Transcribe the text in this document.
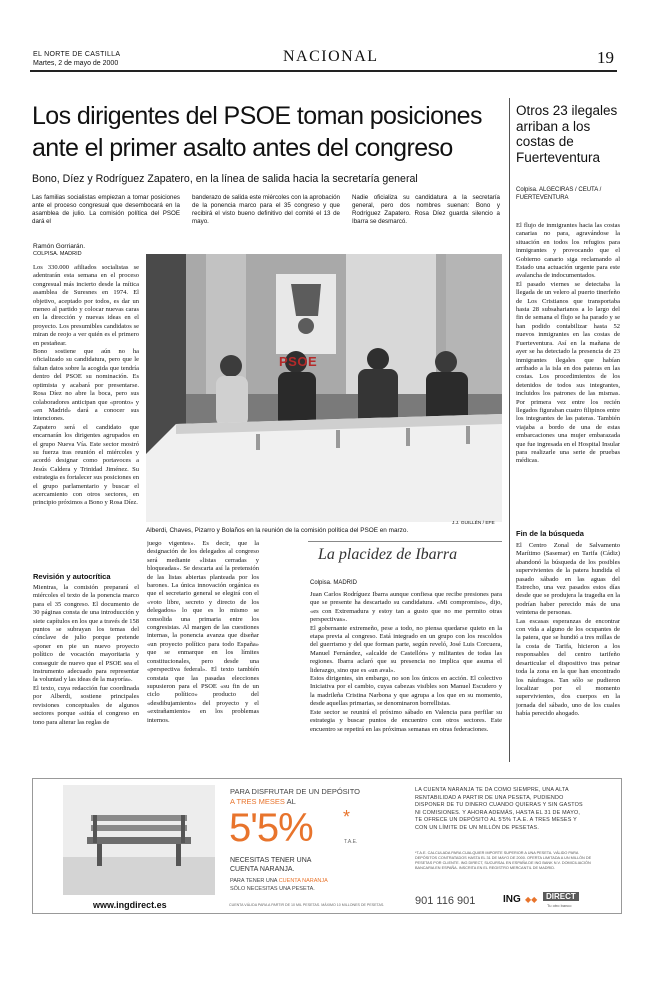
EL NORTE DE CASTILLA
Martes, 2 de mayo de 2000	NACIONAL	19
Los dirigentes del PSOE toman posiciones
ante el primer asalto antes del congreso
Bono, Díez y Rodríguez Zapatero, en la línea de salida hacia la secretaría general
Las familias socialistas empiezan a tomar posiciones ante el proceso congresual que desembocará en la asamblea de julio. La comisión política del PSOE dará el
banderazo de salida este miércoles con la aprobación de la ponencia marco para el 35 congreso y que recibirá el visto bueno definitivo del comité el 13 de mayo.
Nadie oficializa su candidatura a la secretaría general, pero dos nombres suenan: Bono y Rodríguez Zapatero. Rosa Díez guarda silencio a Ibarra se desmarcó.
Ramón Gorriarán.
COLPISA. MADRID
Los 330.000 afiliados socialistas se adentrarán esta semana en el proceso congresual más incierto desde la mítica asamblea de Suresnes en 1974. El objetivo, aceptado por todos, es dar un meneo al partido y colocar nuevas caras en la dirección y nuevas ideas en el proyecto. Los presumibles candidatos se miran de reojo a ver quién es el primero en pestañear.
Bono sostiene que aún no ha oficializado su candidatura, pero que le faltan datos sobre la acogida que tendría dentro del PSOE su nominación. Es optimista y acabará por presentarse. Rosa Díez no abre la boca, pero sus colaboradores anticipan que «pronto» y «en Madrid» dará a conocer sus intenciones.
Zapatero será el candidato que encarnarán los dirigentes agrupados en el grupo Nueva Vía. Este sector mostró su fuerza tras reunión el miércoles y acordó designar como portavoces a Jesús Caldera y Trinidad Jiménez. Su estrategia es fortalecer sus posiciones en el grupo parlamentario y buscar el acercamiento con otros sectores, en principio próximos a Bono y Rosa Díez.
Revisión y autocrítica
Mientras, la comisión preparará el miércoles el texto de la ponencia marco para el 35 congreso. El documento de 30 páginas consta de una introducción y siete capítulos en los que a través de 158 puntos se subrayan los temas del cónclave de julio porque pretende «poner en pie un nuevo proyecto político de vocación mayoritaria y conseguir de nuevo que el PSOE sea el instrumento adecuado para representar la voluntad y las ideas de la mayoría».
El texto, cuya redacción fue coordinada por Alberdi, sostiene principales revisiones conceptuales de algunos sectores porque «sitúa el congreso en tono para alterar las reglas de
PSOE
Alberdi, Chaves, Pizarro y Bolaños en la reunión de la comisión política del PSOE en marzo.
J.J. GUILLÉN / EFE
juego vigentes». Es decir, que la designación de los delegados al congreso será mediante «listas cerradas y bloqueadas». Se descarta así la pretensión de las listas abiertas planteada por los barones. La única innovación orgánica es que el secretario general se elegirá con el «voto libre, secreto y directo de los delegados» lo que es lo mismo se consolida una primaria entre los congresistas. Al margen de las cuestiones internas, la ponencia avanza que diseñar «un proyecto político para todo España» que se enmarque en los límites constitucionales, pero desde una «perspectiva federal». El texto también constata que las pasadas elecciones supusieron para el PSOE «su fin de un ciclo político» producto del «desdibujamiento» del proyecto y el «extrañamiento» en los problemas internos.
La placidez de Ibarra
Colpisa. MADRID
Juan Carlos Rodríguez Ibarra aunque confiesa que recibe presiones para que se presente ha descartado su candidatura. «Mi compromiso», dijo, «es con Extremadura y estoy tan a gusto que no me permito otras perspectivas».
El gobernante extremeño, pese a todo, no piensa quedarse quieto en la etapa previa al congreso. Está integrado en un grupo con los rescoldos del guerrismo y del que forman parte, según reveló, José Luis Corcuera, Manuel Fernández, «alcalde de Castellón» y militantes de todas las regiones. Ibarra aclaró que su presencia no implica que asuma el liderazgo, sino que es «un aval».
Estos dirigentes, sin embargo, no son los únicos en acción. El colectivo Iniciativa por el cambio, cuyas cabezas visibles son Manuel Escudero y la madrileña Cristina Narbona y que agrupa a los que en su momento, desde aquellas primarias, se denominaron borrellistas.
Este sector se reunirá el próximo sábado en Valencia para perfilar su estrategia y buscar puntos de encuentro con otros sectores. Este encuentro se repetirá en las próximas semanas en otras federaciones.
Otros 23 ilegales arriban a los costas de Fuerteventura
Colpisa. ALGECIRAS / CEUTA / FUERTEVENTURA
El flujo de inmigrantes hacia las costas canarias no para, agravándose la situación en todos los refugios para inmigrantes y provocando que el Gobierno canario siga reclamando al Estado una actuación urgente para este avalancha de indocumentados.
El pasado viernes se detectaba la llegada de un velero al puerto tinerfeño de Los Cristianos que transportaba hasta 28 subsaharianos a lo largo del fin de semana el flujo se ha parado y se han podido contabilizar hasta 52 nuevos inmigrantes en las costas de Fuerteventura. Así en la mañana de ayer se ha detectado la presencia de 23 inmigrantes ilegales que habían arribado a la isla en dos pateras en las costas. Los procedimientos de los detenidos de todos sus integrantes, incluidos los patrones de las mismas. Por primera vez entre los recién llegados figuraban cuatro filipinos entre los integrantes de las pateras. También viajaba a bordo de una de estas embarcaciones una mujer embarazada que fue ingresada en el Hospital Insular para realizarle una serie de pruebas médicas.
Fin de la búsqueda
El Centro Zonal de Salvamento Marítimo (Sasemar) en Tarifa (Cádiz) abandonó la búsqueda de los posibles supervivientes de la patera hundida el pasado sábado en las aguas del Estrecho, una vez pasados estos días desde que se produjera la tragedia en la podrían haber perecido más de una veintena de personas.
Las escasas esperanzas de encontrar con vida a alguno de los ocupantes de la patera, que se hundió a tres millas de la costa de Tarifa, hicieron a los responsables del centro tarifeño desarticular el dispositivo tras peinar toda la zona en la que han encontrado los náufragos. Tan sólo se pudieron localizar por el momento supervivientes, dos cuerpos en la jornada del sábado, uno de los cuales había perecido ahogado.
www.ingdirect.es
PARA DISFRUTAR DE UN DEPÓSITO
A TRES MESES AL
5'5% *
T.A.E.
NECESITAS TENER UNA
CUENTA NARANJA.
PARA TENER UNA CUENTA NARANJA
SÓLO NECESITAS UNA PESETA.
CUENTA VÁLIDA PARA A PARTIR DE 10 MIL PESETAS. MÁXIMO 10 MILLONES DE PESETAS.
LA CUENTA NARANJA TE DA COMO SIEMPRE, UNA ALTA RENTABILIDAD A PARTIR DE UNA PESETA, PUDIENDO DISPONER DE TU DINERO CUANDO QUIERAS Y SIN GASTOS NI COMISIONES. Y AHORA ADEMÁS, HASTA EL 31 DE MAYO, TE OFRECE UN DEPÓSITO AL 5'5% T.A.E. A TRES MESES Y CON UN LÍMITE DE UN MILLÓN DE PESETAS.
*T.A.E. CALCULADA PARA CUALQUIER IMPORTE SUPERIOR A UNA PESETA. VÁLIDO PARA DEPÓSITOS CONTRATADOS HASTA EL 31 DE MAYO DE 2000. OFERTA LIMITADA A UN MILLÓN DE PESETAS POR CLIENTE. ING DIRECT, SUCURSAL EN ESPAÑA DE ING BANK N.V. DOMICILIACIÓN BANCARIA EN ESPAÑA. INSCRITA EN EL REGISTRO MERCANTIL DE MADRID.
901 116 901	ING ◆◆	DIRECT
Tu otro banco
